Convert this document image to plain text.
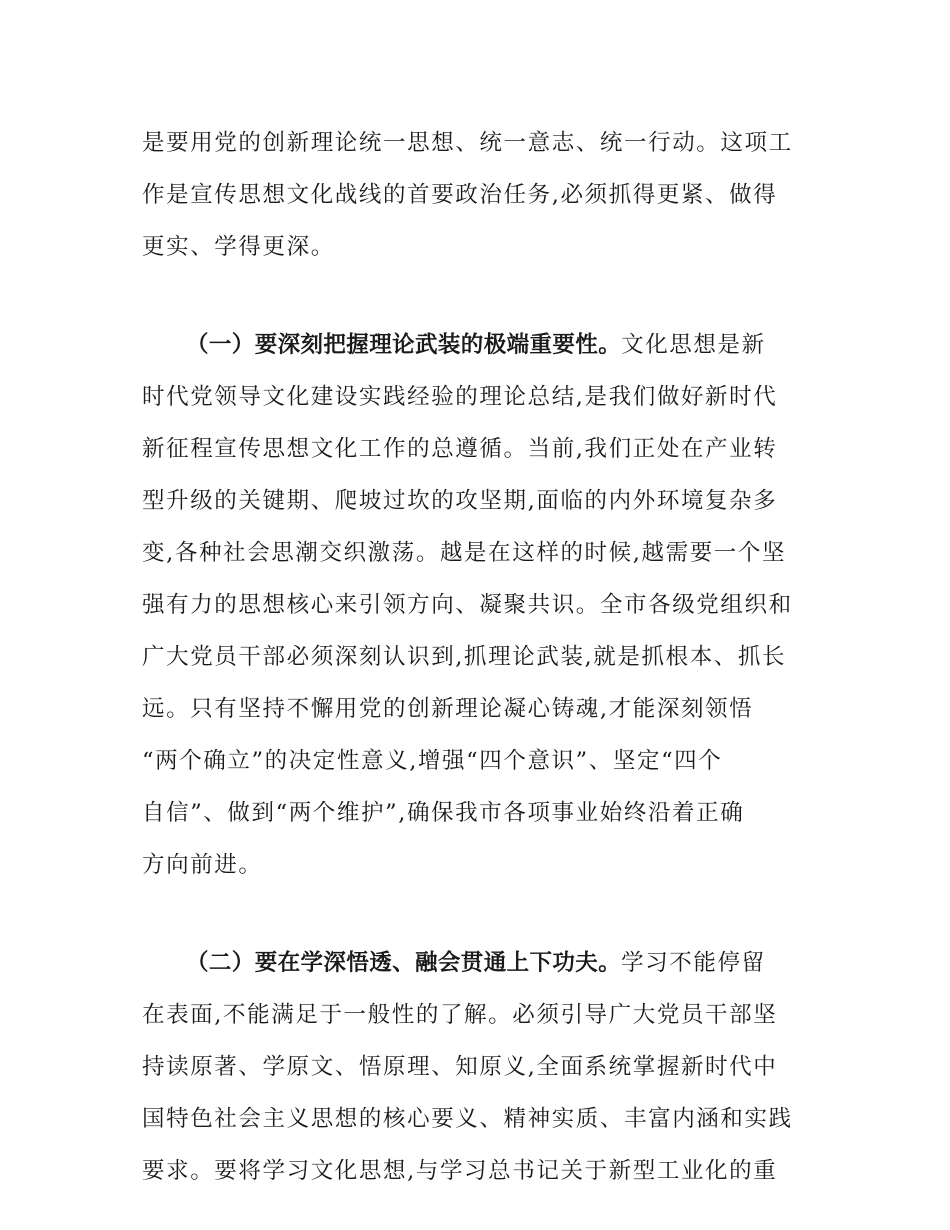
是要用党的创新理论统一思想、统一意志、统一行动。这项工
作是宣传思想文化战线的首要政治任务,必须抓得更紧、做得
更实、学得更深。
（一）要深刻把握理论武装的极端重要性。文化思想是新
时代党领导文化建设实践经验的理论总结,是我们做好新时代
新征程宣传思想文化工作的总遵循。当前,我们正处在产业转
型升级的关键期、爬坡过坎的攻坚期,面临的内外环境复杂多
变,各种社会思潮交织激荡。越是在这样的时候,越需要一个坚
强有力的思想核心来引领方向、凝聚共识。全市各级党组织和
广大党员干部必须深刻认识到,抓理论武装,就是抓根本、抓长
远。只有坚持不懈用党的创新理论凝心铸魂,才能深刻领悟
“两个确立”的决定性意义,增强“四个意识”、坚定“四个
自信”、做到“两个维护”,确保我市各项事业始终沿着正确
方向前进。
（二）要在学深悟透、融会贯通上下功夫。学习不能停留
在表面,不能满足于一般性的了解。必须引导广大党员干部坚
持读原著、学原文、悟原理、知原义,全面系统掌握新时代中
国特色社会主义思想的核心要义、精神实质、丰富内涵和实践
要求。要将学习文化思想,与学习总书记关于新型工业化的重
